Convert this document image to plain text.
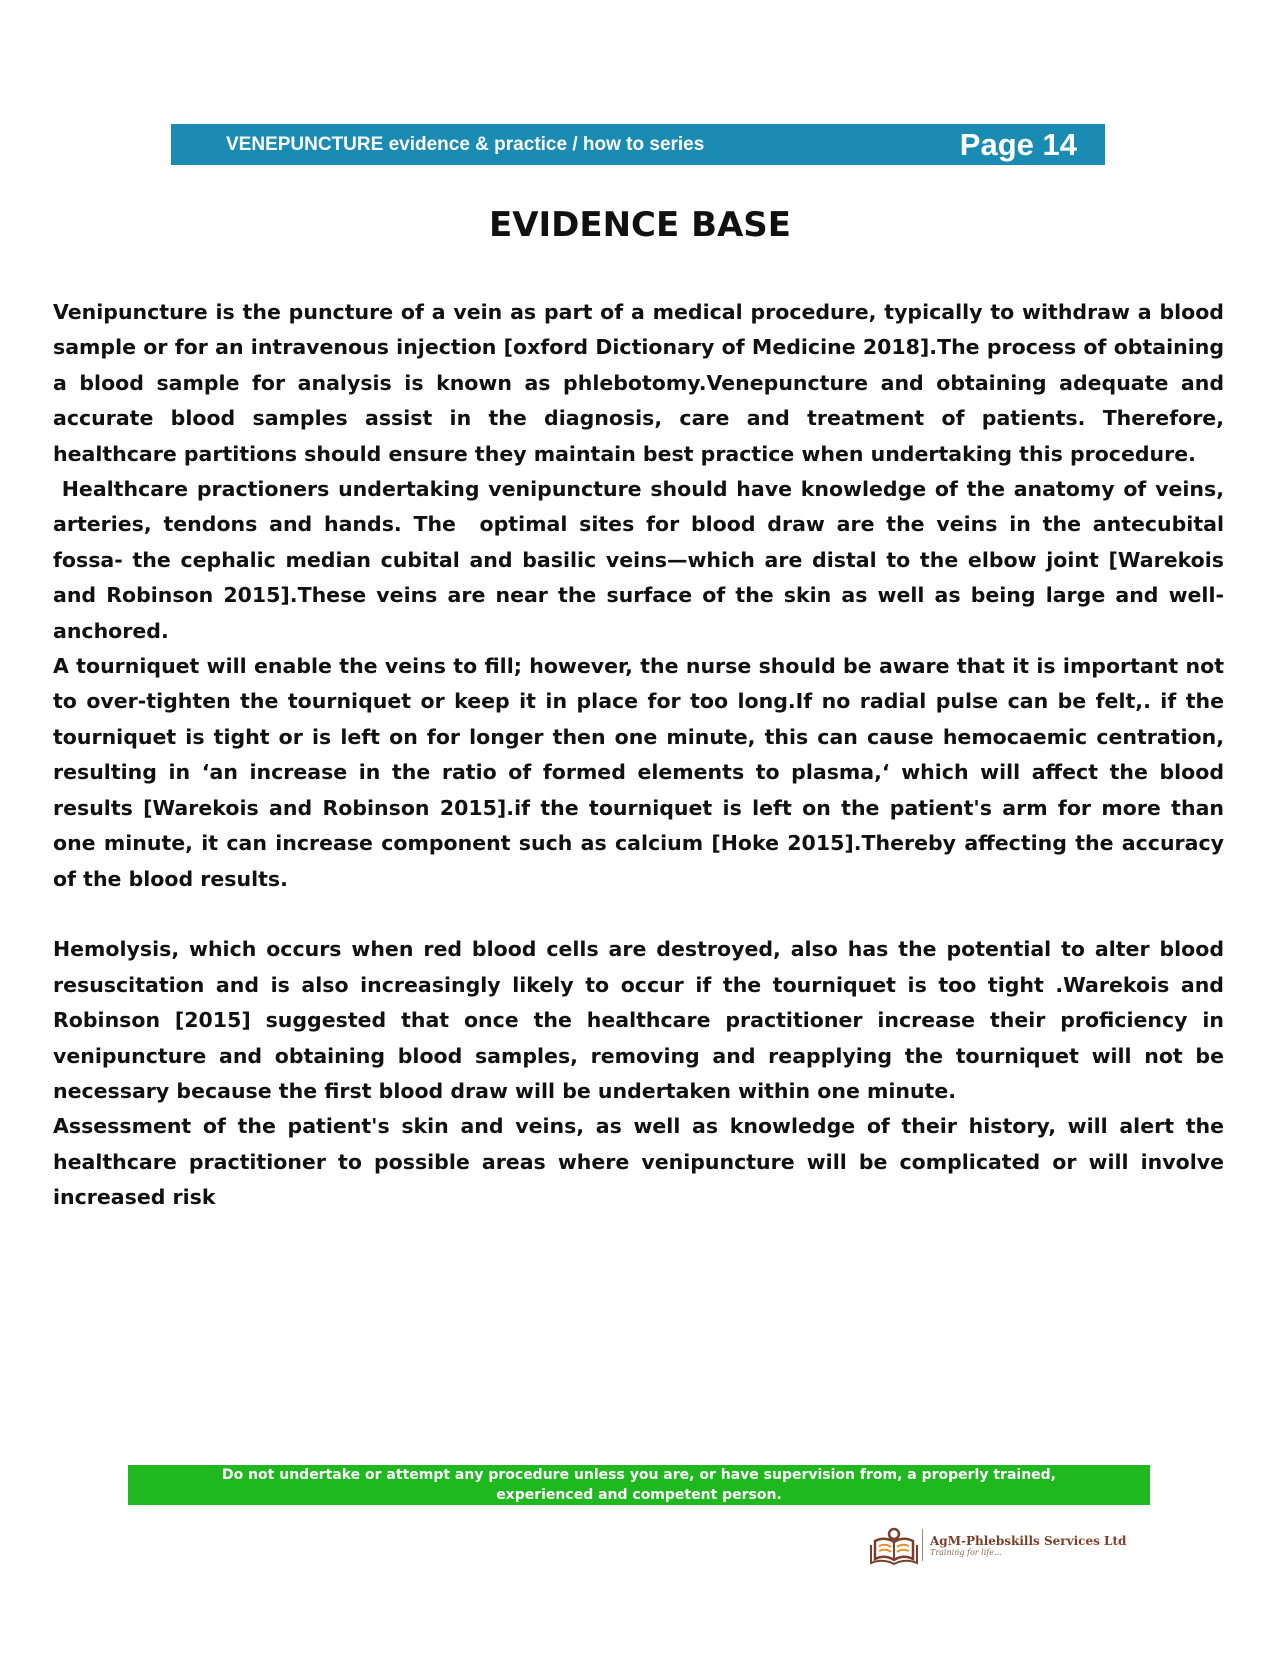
VENEPUNCTURE evidence & practice / how to series	Page 14
EVIDENCE BASE

Venipuncture is the puncture of a vein as part of a medical procedure, typically to withdraw a blood sample or for an intravenous injection [oxford Dictionary of Medicine 2018].The process of obtaining a blood sample for analysis is known as phlebotomy.Venepuncture and obtaining adequate and accurate blood samples assist in the diagnosis, care and treatment of patients. Therefore, healthcare partitions should ensure they maintain best practice when undertaking this procedure.

Healthcare practioners undertaking venipuncture should have knowledge of the anatomy of veins, arteries, tendons and hands. The  optimal sites for blood draw are the veins in the antecubital fossa- the cephalic median cubital and basilic veins—which are distal to the elbow joint [Warekois and Robinson 2015].These veins are near the surface of the skin as well as being large and well-anchored.

A tourniquet will enable the veins to fill; however, the nurse should be aware that it is important not to over-tighten the tourniquet or keep it in place for too long.If no radial pulse can be felt,. if the tourniquet is tight or is left on for longer then one minute, this can cause hemocaemic centration, resulting in ‘an increase in the ratio of formed elements to plasma,‘ which will affect the blood results [Warekois and Robinson 2015].if the tourniquet is left on the patient's arm for more than one minute, it can increase component such as calcium [Hoke 2015].Thereby affecting the accuracy of the blood results.

Hemolysis, which occurs when red blood cells are destroyed, also has the potential to alter blood resuscitation and is also increasingly likely to occur if the tourniquet is too tight .Warekois and Robinson [2015] suggested that once the healthcare practitioner increase their proficiency in venipuncture and obtaining blood samples, removing and reapplying the tourniquet will not be necessary because the first blood draw will be undertaken within one minute.

Assessment of the patient's skin and veins, as well as knowledge of their history, will alert the healthcare practitioner to possible areas where venipuncture will be complicated or will involve increased risk

Do not undertake or attempt any procedure unless you are, or have supervision from, a properly trained,
experienced and competent person.
AgM-Phlebskills Services Ltd
Training for life...
